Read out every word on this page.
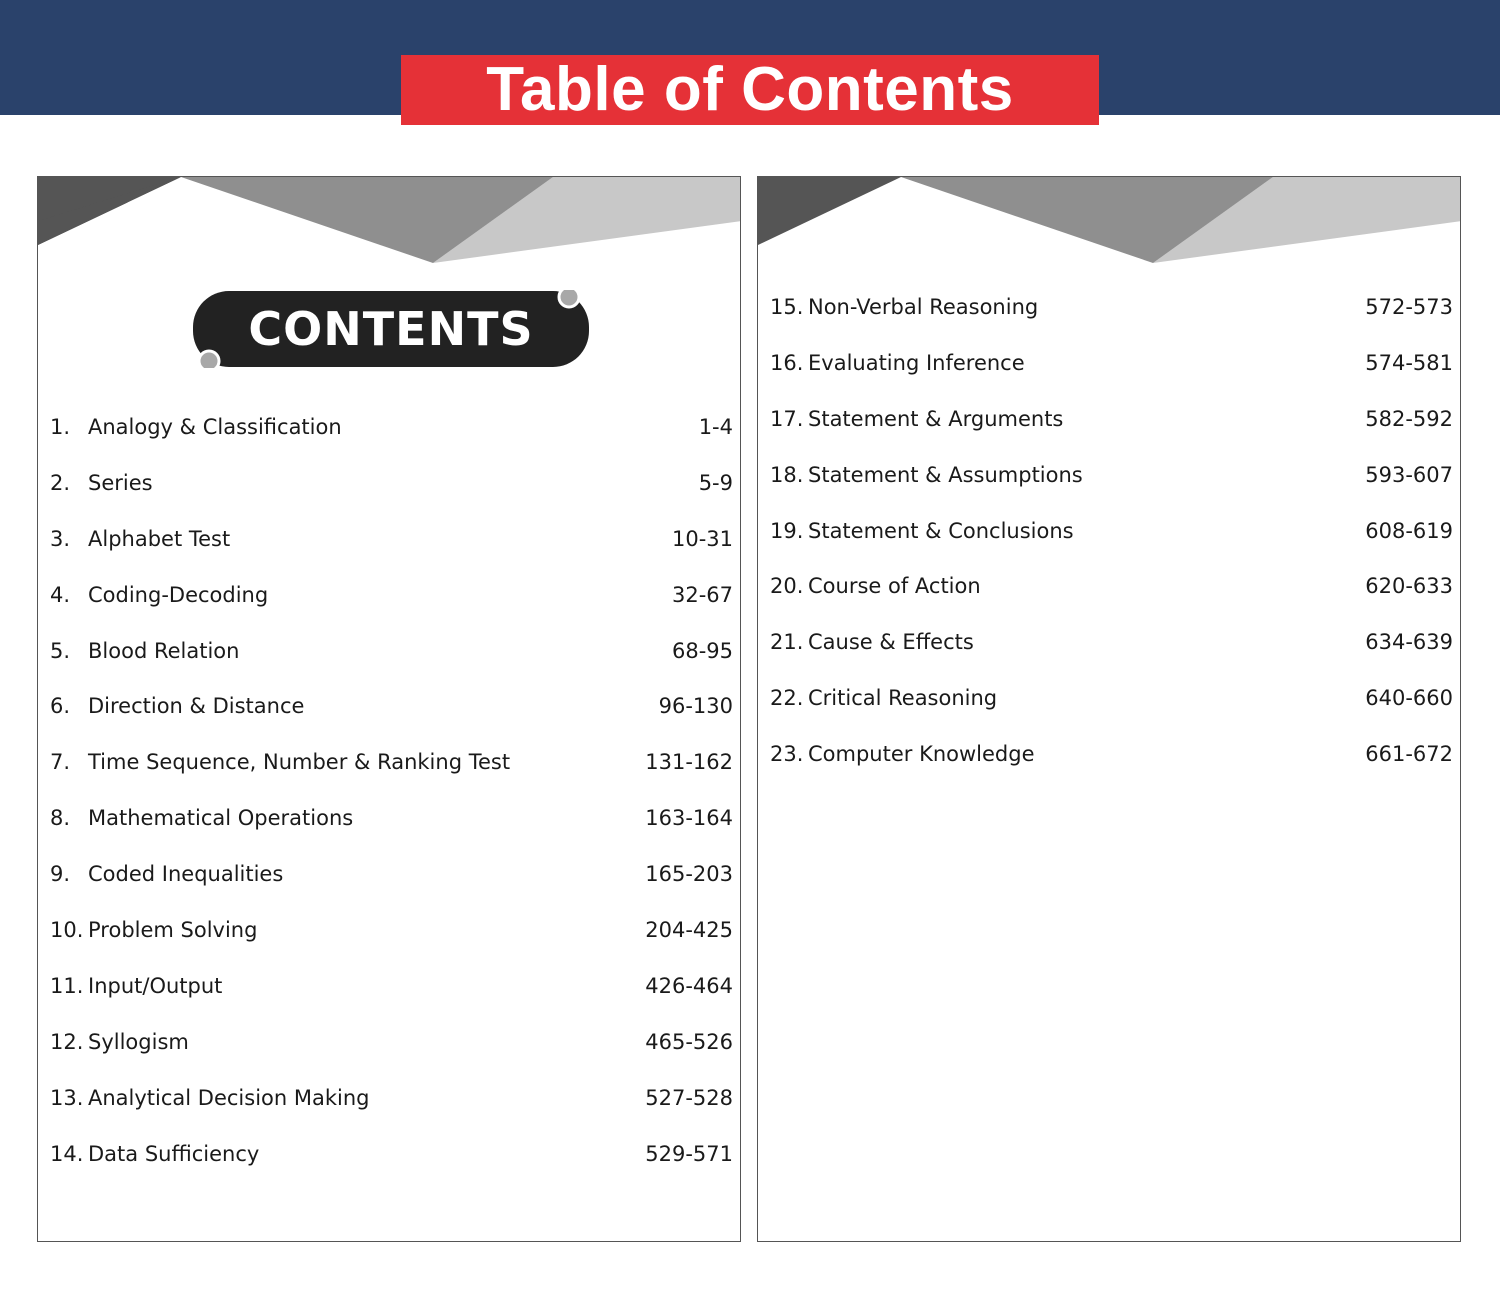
Table of Contents
CONTENTS
1. Analogy & Classification	1-4
2. Series	5-9
3. Alphabet Test	10-31
4. Coding-Decoding	32-67
5. Blood Relation	68-95
6. Direction & Distance	96-130
7. Time Sequence, Number & Ranking Test	131-162
8. Mathematical Operations	163-164
9. Coded Inequalities	165-203
10. Problem Solving	204-425
11. Input/Output	426-464
12. Syllogism	465-526
13. Analytical Decision Making	527-528
14. Data Sufficiency	529-571
15. Non-Verbal Reasoning	572-573
16. Evaluating Inference	574-581
17. Statement & Arguments	582-592
18. Statement & Assumptions	593-607
19. Statement & Conclusions	608-619
20. Course of Action	620-633
21. Cause & Effects	634-639
22. Critical Reasoning	640-660
23. Computer Knowledge	661-672
